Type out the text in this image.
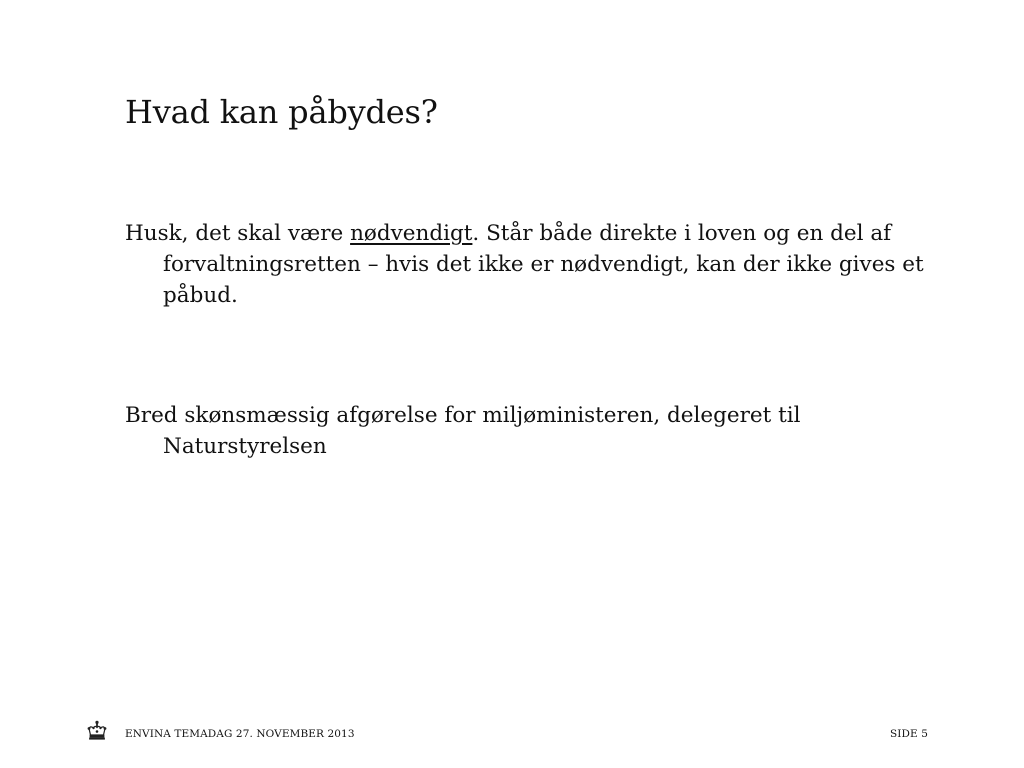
Hvad kan påbydes?

Husk, det skal være nødvendigt. Står både direkte i loven og en del af forvaltningsretten – hvis det ikke er nødvendigt, kan der ikke gives et påbud.

Bred skønsmæssig afgørelse for miljøministeren, delegeret til Naturstyrelsen

ENVINA TEMADAG 27. NOVEMBER 2013	SIDE 5
